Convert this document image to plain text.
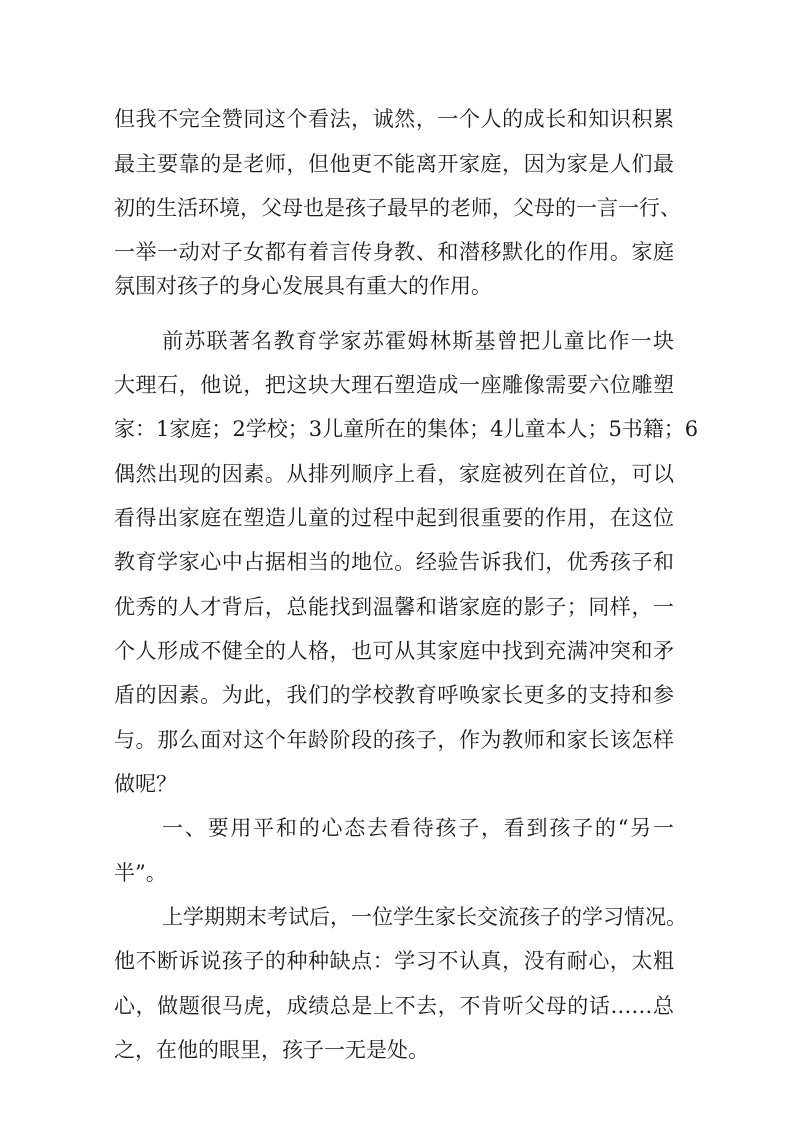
但我不完全赞同这个看法，诚然，一个人的成长和知识积累
最主要靠的是老师，但他更不能离开家庭，因为家是人们最
初的生活环境，父母也是孩子最早的老师，父母的一言一行、
一举一动对子女都有着言传身教、和潜移默化的作用。家庭
氛围对孩子的身心发展具有重大的作用。
前苏联著名教育学家苏霍姆林斯基曾把儿童比作一块
大理石，他说，把这块大理石塑造成一座雕像需要六位雕塑
家：1家庭；2学校；3儿童所在的集体；4儿童本人；5书籍；6
偶然出现的因素。从排列顺序上看，家庭被列在首位，可以
看得出家庭在塑造儿童的过程中起到很重要的作用，在这位
教育学家心中占据相当的地位。经验告诉我们，优秀孩子和
优秀的人才背后，总能找到温馨和谐家庭的影子；同样，一
个人形成不健全的人格，也可从其家庭中找到充满冲突和矛
盾的因素。为此，我们的学校教育呼唤家长更多的支持和参
与。那么面对这个年龄阶段的孩子，作为教师和家长该怎样
做呢？
一、要用平和的心态去看待孩子，看到孩子的“另一
半”。
上学期期末考试后，一位学生家长交流孩子的学习情况。
他不断诉说孩子的种种缺点：学习不认真，没有耐心，太粗
心，做题很马虎，成绩总是上不去，不肯听父母的话……总
之，在他的眼里，孩子一无是处。
